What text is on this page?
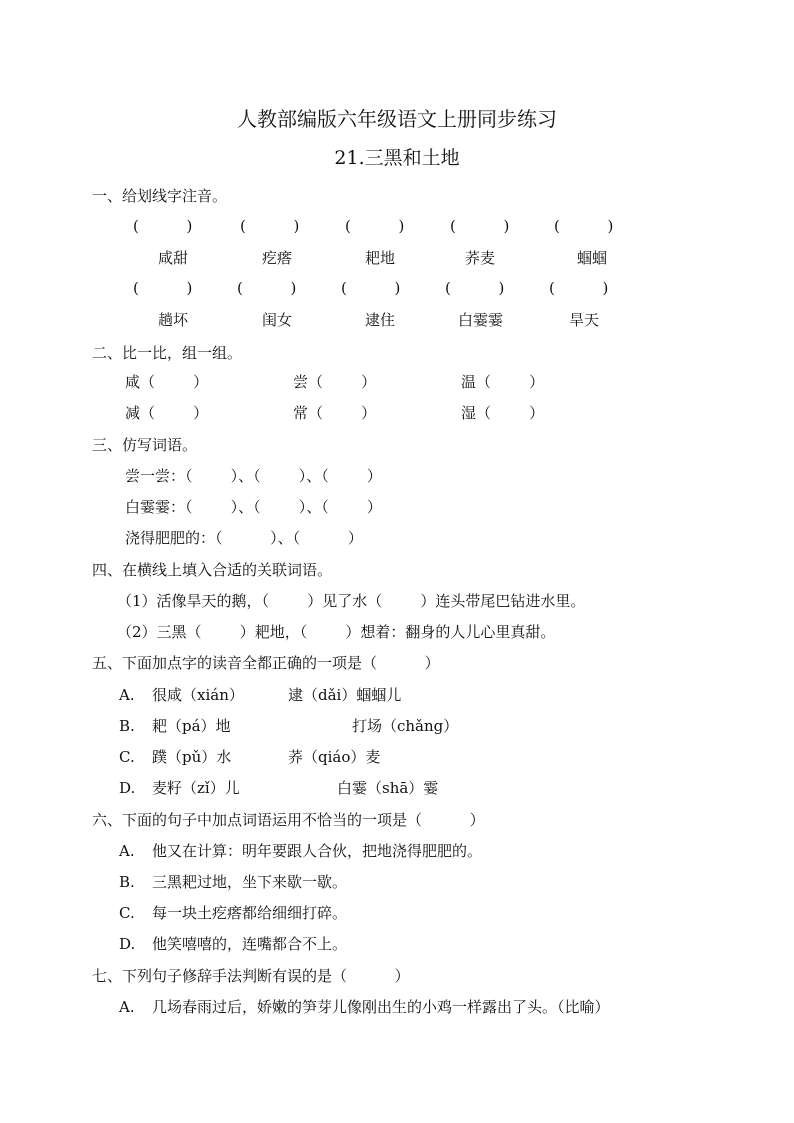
人教部编版六年级语文上册同步练习
21.三黑和土地
一、给划线字注音。
(          )	(          )	(          )	(          )	(          )
咸甜	疙瘩	耙地	荞麦	蝈蝈
(          )	(          )	(          )	(          )	(          )
趟坏	闺女	逮住	白霎霎	旱天
二、比一比，组一组。
咸（        ）	尝（        ）	温（        ）
减（        ）	常（        ）	湿（        ）
三、仿写词语。
尝一尝：（        ）、（        ）、（        ）
白霎霎：（        ）、（        ）、（        ）
浇得肥肥的：（          ）、（          ）
四、在横线上填入合适的关联词语。
（1）活像旱天的鹅，（        ）见了水（        ）连头带尾巴钻进水里。
（2）三黑（        ）耙地，（        ）想着：翻身的人儿心里真甜。
五、下面加点字的读音全都正确的一项是（          ）
A. 很咸（xián）	逮（dǎi）蝈蝈儿
B. 耙（pá）地	打场（chǎng）
C. 蹼（pǔ）水	荞（qiáo）麦
D. 麦籽（zǐ）儿	白霎（shā）霎
六、下面的句子中加点词语运用不恰当的一项是（          ）
A. 他又在计算：明年要跟人合伙，把地浇得肥肥的。
B. 三黑耙过地，坐下来歇一歇。
C. 每一块土疙瘩都给细细打碎。
D. 他笑嘻嘻的，连嘴都合不上。
七、下列句子修辞手法判断有误的是（          ）
A. 几场春雨过后，娇嫩的笋芽儿像刚出生的小鸡一样露出了头。（比喻）
